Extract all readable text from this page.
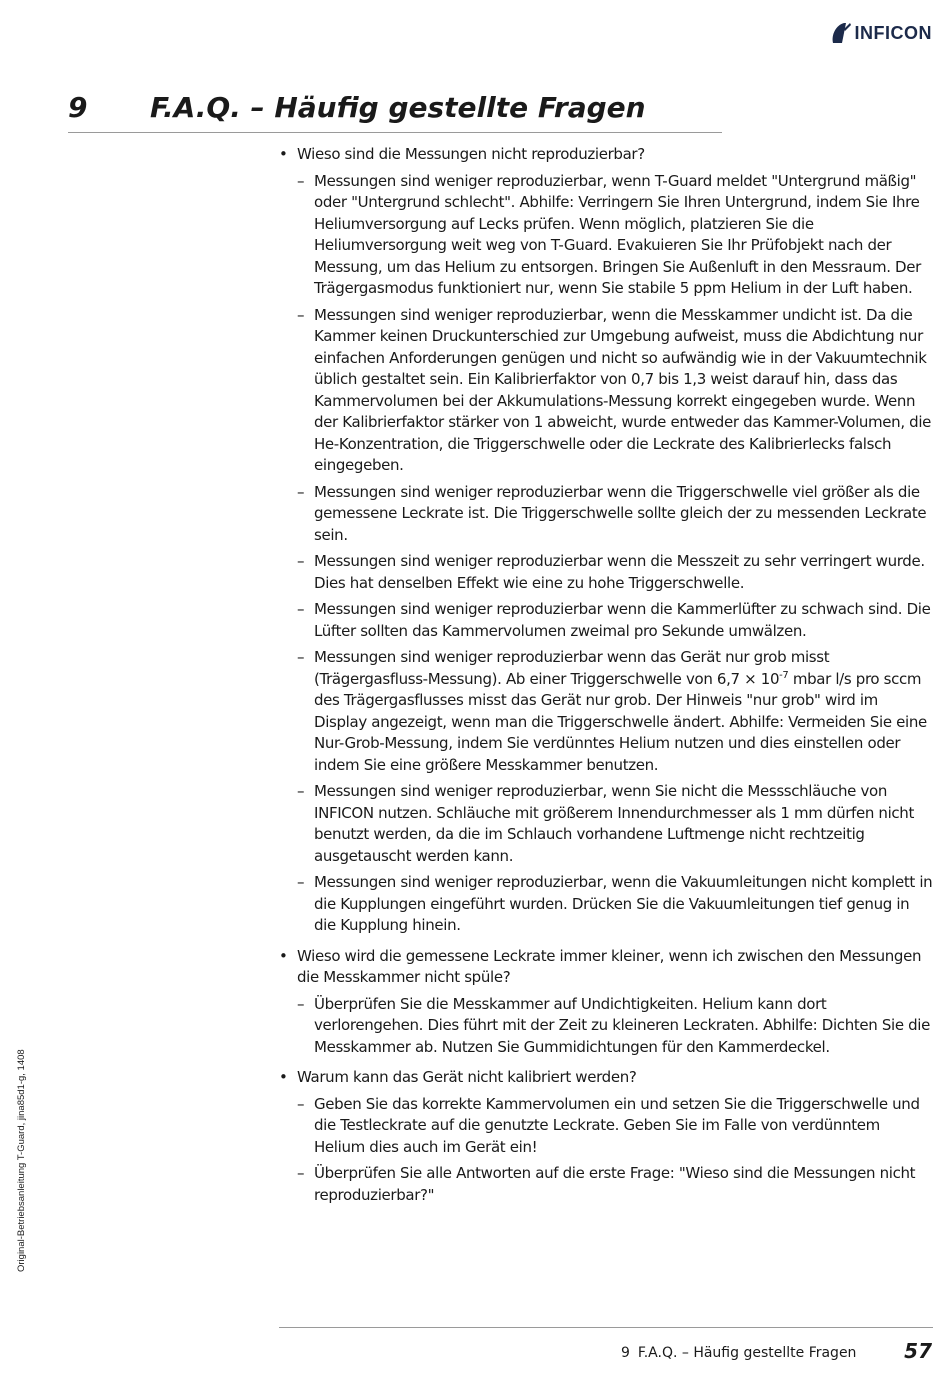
INFICON
9 F.A.Q. – Häufig gestellte Fragen
• Wieso sind die Messungen nicht reproduzierbar?
– Messungen sind weniger reproduzierbar, wenn T-Guard meldet "Untergrund mäßig" oder "Untergrund schlecht". Abhilfe: Verringern Sie Ihren Untergrund, indem Sie Ihre Heliumversorgung auf Lecks prüfen. Wenn möglich, platzieren Sie die Heliumversorgung weit weg von T-Guard. Evakuieren Sie Ihr Prüfobjekt nach der Messung, um das Helium zu entsorgen. Bringen Sie Außenluft in den Messraum. Der Trägergasmodus funktioniert nur, wenn Sie stabile 5 ppm Helium in der Luft haben.
– Messungen sind weniger reproduzierbar, wenn die Messkammer undicht ist. Da die Kammer keinen Druckunterschied zur Umgebung aufweist, muss die Abdichtung nur einfachen Anforderungen genügen und nicht so aufwändig wie in der Vakuumtechnik üblich gestaltet sein. Ein Kalibrierfaktor von 0,7 bis 1,3 weist darauf hin, dass das Kammervolumen bei der Akkumulations-Messung korrekt eingegeben wurde. Wenn der Kalibrierfaktor stärker von 1 abweicht, wurde entweder das Kammer-Volumen, die He-Konzentration, die Triggerschwelle oder die Leckrate des Kalibrierlecks falsch eingegeben.
– Messungen sind weniger reproduzierbar wenn die Triggerschwelle viel größer als die gemessene Leckrate ist. Die Triggerschwelle sollte gleich der zu messenden Leckrate sein.
– Messungen sind weniger reproduzierbar wenn die Messzeit zu sehr verringert wurde. Dies hat denselben Effekt wie eine zu hohe Triggerschwelle.
– Messungen sind weniger reproduzierbar wenn die Kammerlüfter zu schwach sind. Die Lüfter sollten das Kammervolumen zweimal pro Sekunde umwälzen.
– Messungen sind weniger reproduzierbar wenn das Gerät nur grob misst (Trägergasfluss-Messung). Ab einer Triggerschwelle von $6,7 \times 10^{-7}$ mbar l/s pro sccm des Trägergasflusses misst das Gerät nur grob. Der Hinweis "nur grob" wird im Display angezeigt, wenn man die Triggerschwelle ändert. Abhilfe: Vermeiden Sie eine Nur-Grob-Messung, indem Sie verdünntes Helium nutzen und dies einstellen oder indem Sie eine größere Messkammer benutzen.
– Messungen sind weniger reproduzierbar, wenn Sie nicht die Messschläuche von INFICON nutzen. Schläuche mit größerem Innendurchmesser als 1 mm dürfen nicht benutzt werden, da die im Schlauch vorhandene Luftmenge nicht rechtzeitig ausgetauscht werden kann.
– Messungen sind weniger reproduzierbar, wenn die Vakuumleitungen nicht komplett in die Kupplungen eingeführt wurden. Drücken Sie die Vakuumleitungen tief genug in die Kupplung hinein.
• Wieso wird die gemessene Leckrate immer kleiner, wenn ich zwischen den Messungen die Messkammer nicht spüle?
– Überprüfen Sie die Messkammer auf Undichtigkeiten. Helium kann dort verlorengehen. Dies führt mit der Zeit zu kleineren Leckraten. Abhilfe: Dichten Sie die Messkammer ab. Nutzen Sie Gummidichtungen für den Kammerdeckel.
• Warum kann das Gerät nicht kalibriert werden?
– Geben Sie das korrekte Kammervolumen ein und setzen Sie die Triggerschwelle und die Testleckrate auf die genutzte Leckrate. Geben Sie im Falle von verdünntem Helium dies auch im Gerät ein!
– Überprüfen Sie alle Antworten auf die erste Frage: "Wieso sind die Messungen nicht reproduzierbar?"
Original-Betriebsanleitung T-Guard, jina85d1-g, 1408
9 F.A.Q. – Häufig gestellte Fragen 57
